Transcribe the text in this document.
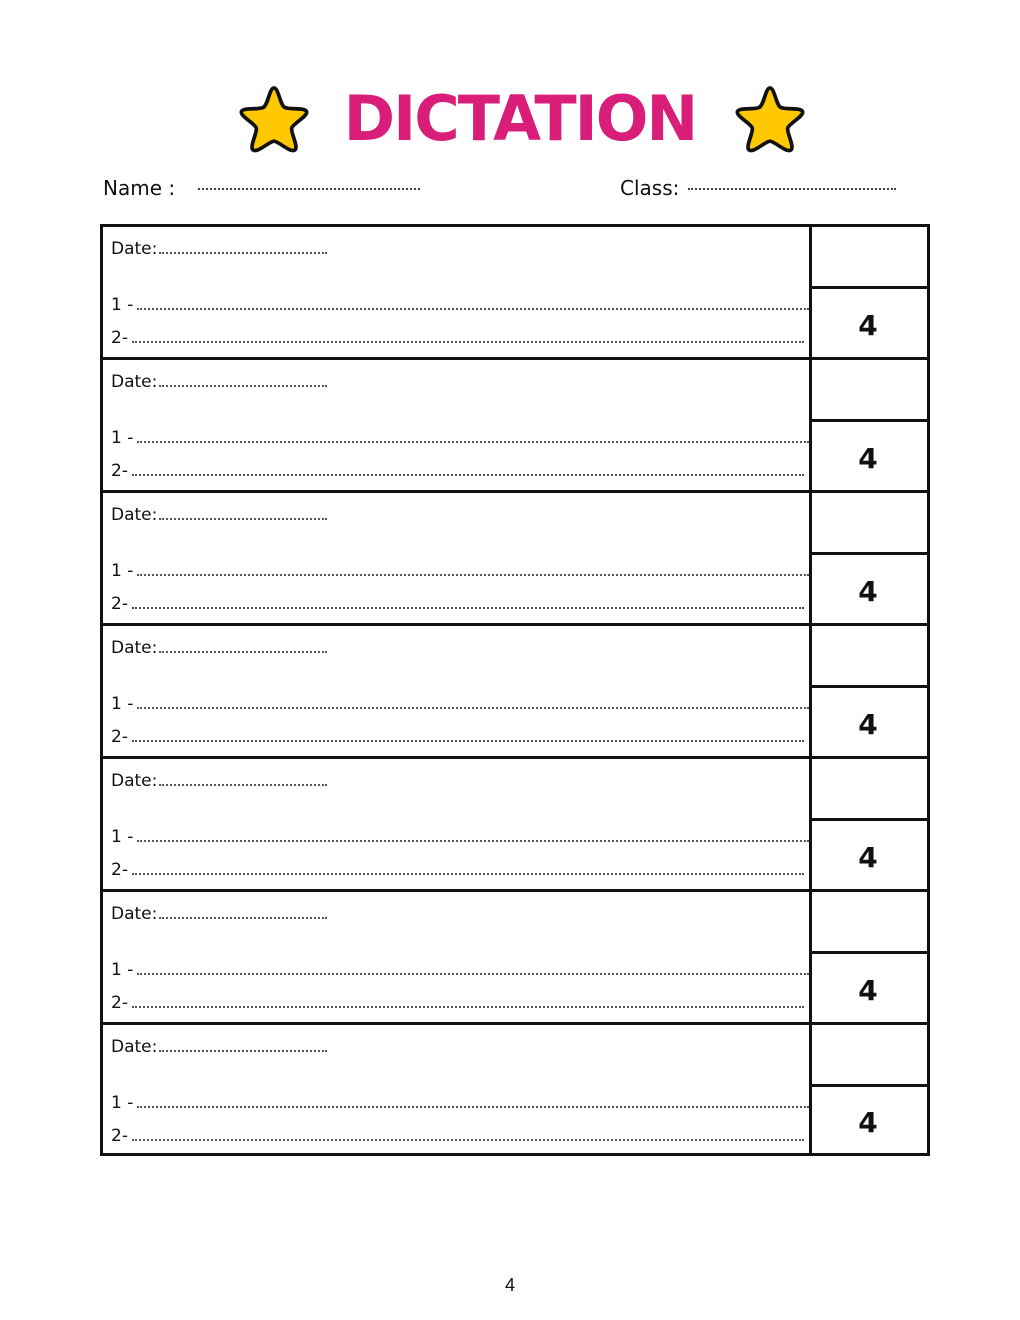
DICTATION
Name :	Class:
Date:
1 -
2-	4
Date:
1 -
2-	4
Date:
1 -
2-	4
Date:
1 -
2-	4
Date:
1 -
2-	4
Date:
1 -
2-	4
Date:
1 -
2-	4
4
